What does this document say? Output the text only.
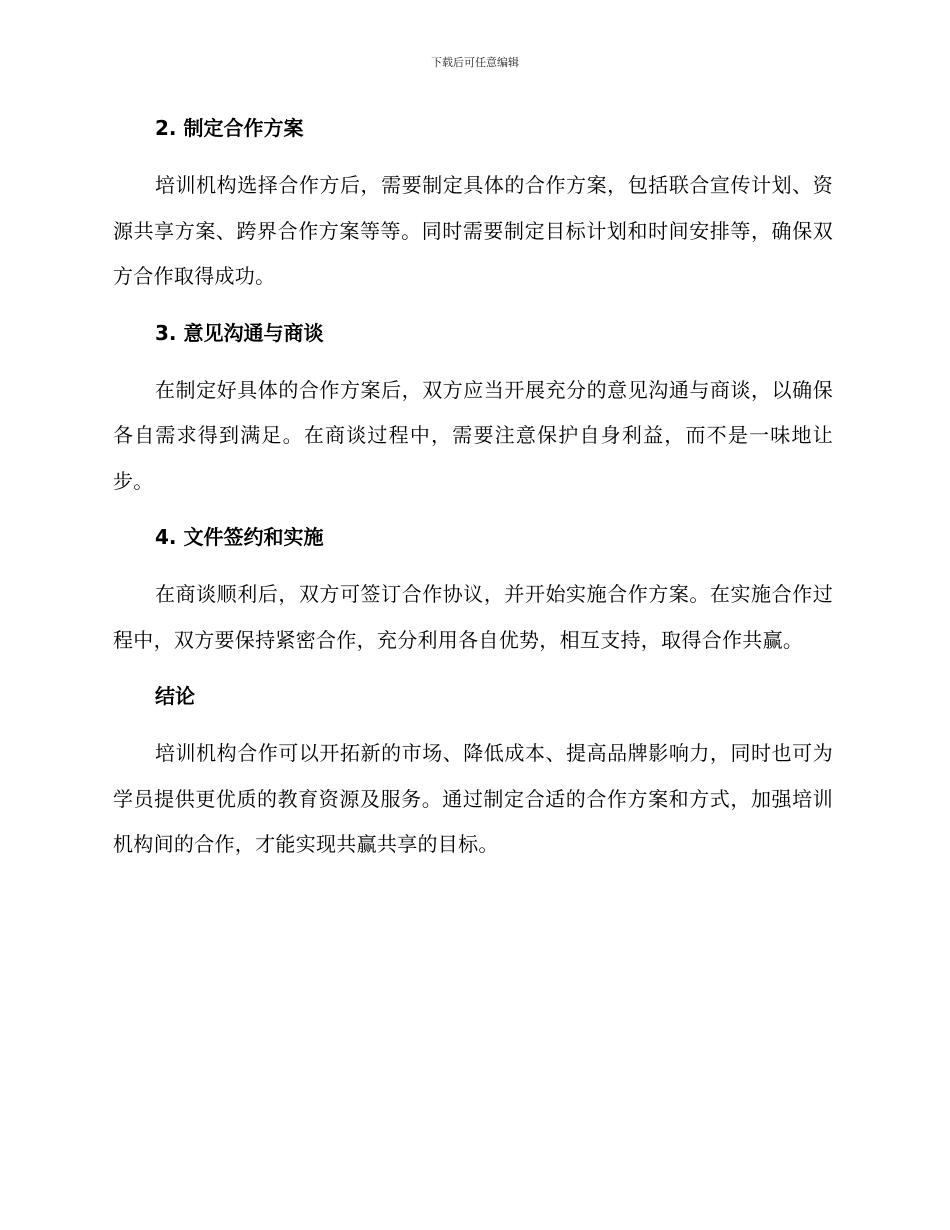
下载后可任意编辑
2. 制定合作方案

培训机构选择合作方后，需要制定具体的合作方案，包括联合宣传计划、资源共享方案、跨界合作方案等等。同时需要制定目标计划和时间安排等，确保双方合作取得成功。

3. 意见沟通与商谈

在制定好具体的合作方案后，双方应当开展充分的意见沟通与商谈，以确保各自需求得到满足。在商谈过程中，需要注意保护自身利益，而不是一味地让步。

4. 文件签约和实施

在商谈顺利后，双方可签订合作协议，并开始实施合作方案。在实施合作过程中，双方要保持紧密合作，充分利用各自优势，相互支持，取得合作共赢。

结论

培训机构合作可以开拓新的市场、降低成本、提高品牌影响力，同时也可为学员提供更优质的教育资源及服务。通过制定合适的合作方案和方式，加强培训机构间的合作，才能实现共赢共享的目标。
